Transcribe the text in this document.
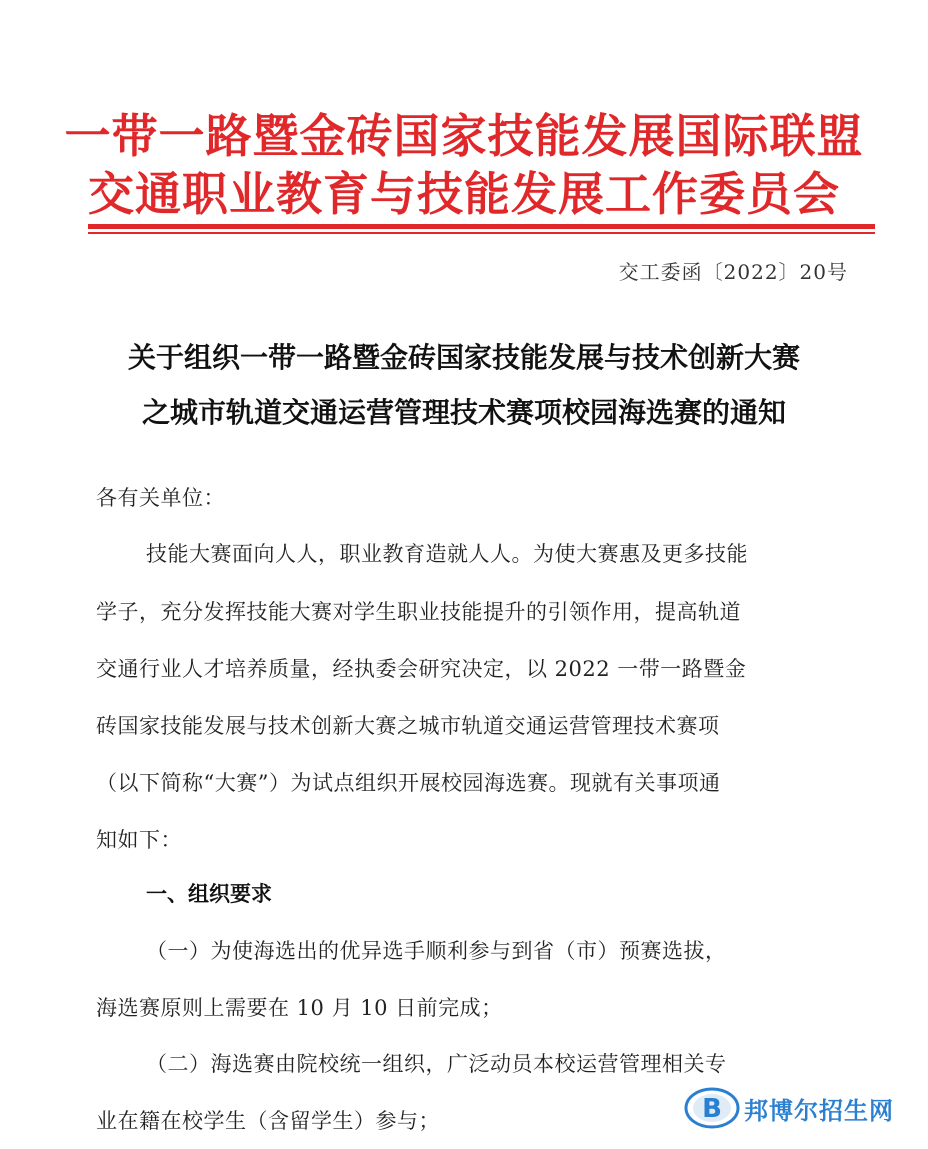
一带一路暨金砖国家技能发展国际联盟
交通职业教育与技能发展工作委员会
交工委函〔2022〕20号
关于组织一带一路暨金砖国家技能发展与技术创新大赛
之城市轨道交通运营管理技术赛项校园海选赛的通知
各有关单位：
技能大赛面向人人，职业教育造就人人。为使大赛惠及更多技能
学子，充分发挥技能大赛对学生职业技能提升的引领作用，提高轨道
交通行业人才培养质量，经执委会研究决定，以 2022 一带一路暨金
砖国家技能发展与技术创新大赛之城市轨道交通运营管理技术赛项
（以下简称“大赛”）为试点组织开展校园海选赛。现就有关事项通
知如下：
一、组织要求
（一）为使海选出的优异选手顺利参与到省（市）预赛选拔，
海选赛原则上需要在 10 月 10 日前完成；
（二）海选赛由院校统一组织，广泛动员本校运营管理相关专
业在籍在校学生（含留学生）参与；	B 邦博尔招生网
